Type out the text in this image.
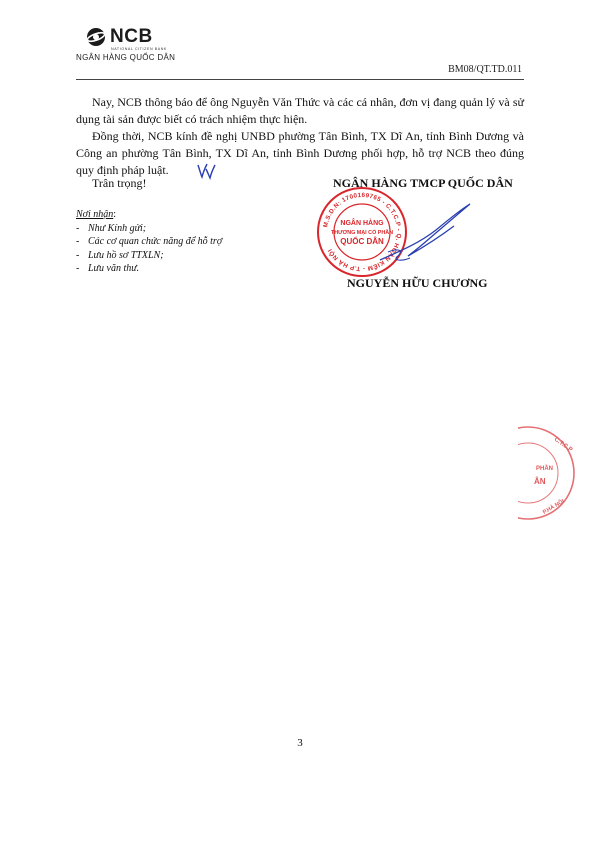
NCB
NATIONAL CITIZEN BANK
NGÂN HÀNG QUỐC DÂN
BM08/QT.TD.011

Nay, NCB thông báo để ông Nguyễn Văn Thức và các cá nhân, đơn vị đang quản lý và sử dụng tài sản được biết có trách nhiệm thực hiện.

Đồng thời, NCB kính đề nghị UNBD phường Tân Bình, TX Dĩ An, tỉnh Bình Dương và Công an phường Tân Bình, TX Dĩ An, tỉnh Bình Dương phối hợp, hỗ trợ NCB theo đúng quy định pháp luật.

Trân trọng!
Nơi nhận:
- Như Kính gửi;
- Các cơ quan chức năng để hỗ trợ
- Lưu hồ sơ TTXLN;
- Lưu văn thư.
NGÂN HÀNG TMCP QUỐC DÂN
M.S.D.N: 1700169765 - C.T.C.P - Q. HOÀN KIẾM - T.P HÀ NỘI
NGÂN HÀNG
THƯƠNG MẠI CỔ PHẦN
QUỐC DÂN
NGUYỄN HỮU CHƯƠNG
C.T.C.P
PHẦN
ÂN
P.HÀ NỘI
3
